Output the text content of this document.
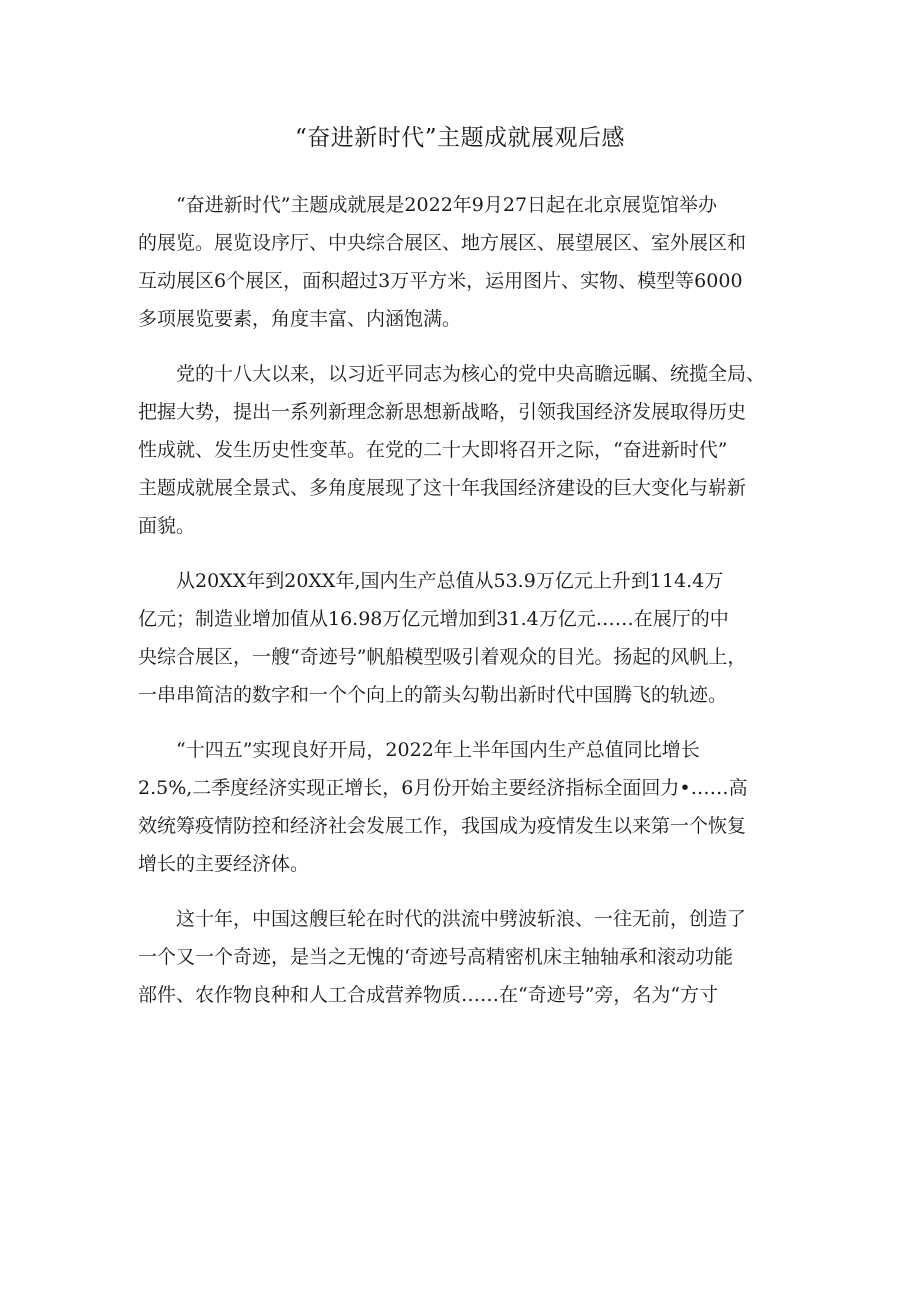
“奋进新时代”主题成就展观后感

“奋进新时代”主题成就展是2022年9月27日起在北京展览馆举办
的展览。展览设序厅、中央综合展区、地方展区、展望展区、室外展区和
互动展区6个展区，面积超过3万平方米，运用图片、实物、模型等6000
多项展览要素，角度丰富、内涵饱满。

党的十八大以来，以习近平同志为核心的党中央高瞻远瞩、统揽全局、
把握大势，提出一系列新理念新思想新战略，引领我国经济发展取得历史
性成就、发生历史性变革。在党的二十大即将召开之际，“奋进新时代”
主题成就展全景式、多角度展现了这十年我国经济建设的巨大变化与崭新
面貌。

从20XX年到20XX年,国内生产总值从53.9万亿元上升到114.4万
亿元；制造业增加值从16.98万亿元增加到31.4万亿元……在展厅的中
央综合展区，一艘“奇迹号”帆船模型吸引着观众的目光。扬起的风帆上，
一串串简洁的数字和一个个向上的箭头勾勒出新时代中国腾飞的轨迹。

“十四五”实现良好开局，2022年上半年国内生产总值同比增长
2.5%,二季度经济实现正增长，6月份开始主要经济指标全面回力•……高
效统筹疫情防控和经济社会发展工作，我国成为疫情发生以来第一个恢复
增长的主要经济体。

这十年，中国这艘巨轮在时代的洪流中劈波斩浪、一往无前，创造了
一个又一个奇迹，是当之无愧的‘奇迹号高精密机床主轴轴承和滚动功能
部件、农作物良种和人工合成营养物质……在“奇迹号”旁，名为“方寸
